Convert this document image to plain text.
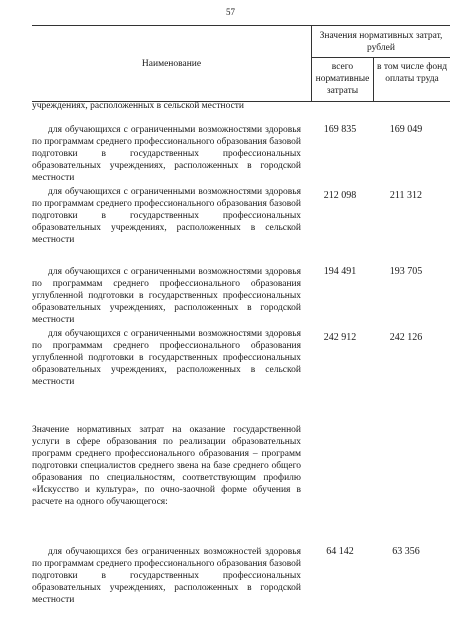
57
Наименование
Значения нормативных затрат, рублей
всего нормативные затраты
в том числе фонд оплаты труда
учреждениях, расположенных в сельской местности
для обучающихся с ограниченными возможностями здоровья по программам среднего профессионального образования базовой подготовки в государственных профессиональных образовательных учреждениях, расположенных в городской местности
169 835	169 049
для обучающихся с ограниченными возможностями здоровья по программам среднего профессионального образования базовой подготовки в государственных профессиональных образовательных учреждениях, расположенных в сельской местности
212 098	211 312
для обучающихся с ограниченными возможностями здоровья по программам среднего профессионального образования углубленной подготовки в государственных профессиональных образовательных учреждениях, расположенных в городской местности
194 491	193 705
для обучающихся с ограниченными возможностями здоровья по программам среднего профессионального образования углубленной подготовки в государственных профессиональных образовательных учреждениях, расположенных в сельской местности
242 912	242 126
Значение нормативных затрат на оказание государственной услуги в сфере образования по реализации образовательных программ среднего профессионального образования – программ подготовки специалистов среднего звена на базе среднего общего образования по специальностям, соответствующим профилю «Искусство и культура», по очно-заочной форме обучения в расчете на одного обучающегося:
для обучающихся без ограниченных возможностей здоровья по программам среднего профессионального образования базовой подготовки в государственных профессиональных образовательных учреждениях, расположенных в городской местности
64 142	63 356
